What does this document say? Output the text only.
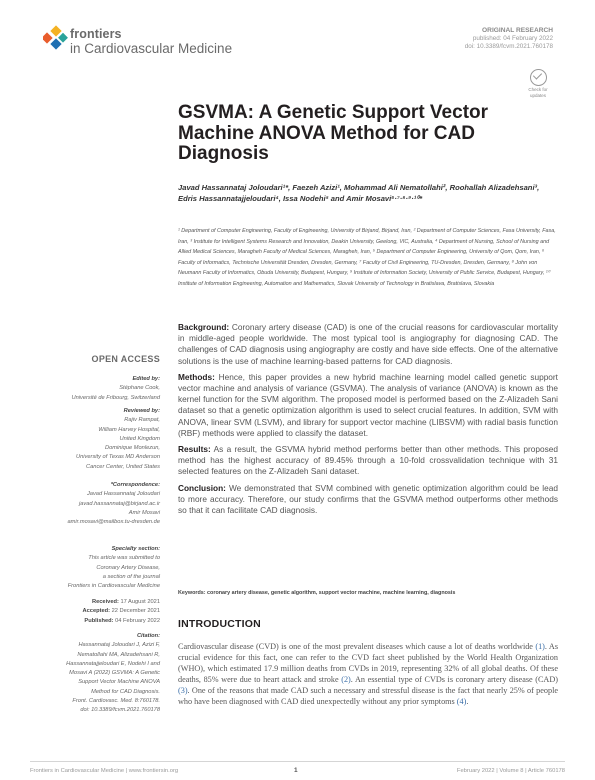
frontiers
in Cardiovascular Medicine
ORIGINAL RESEARCH
published: 04 February 2022
doi: 10.3389/fcvm.2021.760178
Check for
updates
GSVMA: A Genetic Support Vector Machine ANOVA Method for CAD Diagnosis
Javad Hassannataj Joloudari¹*, Faezeh Azizi¹, Mohammad Ali Nematollahi², Roohallah Alizadehsani³, Edris Hassannatajjeloudari⁴, Issa Nodehi⁵ and Amir Mosavi⁶·⁷·⁸·⁹·¹⁰*
¹ Department of Computer Engineering, Faculty of Engineering, University of Birjand, Birjand, Iran, ² Department of Computer Sciences, Fasa University, Fasa, Iran, ³ Institute for Intelligent Systems Research and Innovation, Deakin University, Geelong, VIC, Australia, ⁴ Department of Nursing, School of Nursing and Allied Medical Sciences, Maragheh Faculty of Medical Sciences, Maragheh, Iran, ⁵ Department of Computer Engineering, University of Qom, Qom, Iran, ⁶ Faculty of Informatics, Technische Universität Dresden, Dresden, Germany, ⁷ Faculty of Civil Engineering, TU-Dresden, Dresden, Germany, ⁸ John von Neumann Faculty of Informatics, Obuda University, Budapest, Hungary, ⁹ Institute of Information Society, University of Public Service, Budapest, Hungary, ¹⁰ Institute of Information Engineering, Automation and Mathematics, Slovak University of Technology in Bratislava, Bratislava, Slovakia

Background: Coronary artery disease (CAD) is one of the crucial reasons for cardiovascular mortality in middle-aged people worldwide. The most typical tool is angiography for diagnosing CAD. The challenges of CAD diagnosis using angiography are costly and have side effects. One of the alternative solutions is the use of machine learning-based patterns for CAD diagnosis.

Methods: Hence, this paper provides a new hybrid machine learning model called genetic support vector machine and analysis of variance (GSVMA). The analysis of variance (ANOVA) is known as the kernel function for the SVM algorithm. The proposed model is performed based on the Z-Alizadeh Sani dataset so that a genetic optimization algorithm is used to select crucial features. In addition, SVM with ANOVA, linear SVM (LSVM), and library for support vector machine (LIBSVM) with radial basis function (RBF) methods were applied to classify the dataset.

Results: As a result, the GSVMA hybrid method performs better than other methods. This proposed method has the highest accuracy of 89.45% through a 10-fold crossvalidation technique with 31 selected features on the Z-Alizadeh Sani dataset.

Conclusion: We demonstrated that SVM combined with genetic optimization algorithm could be lead to more accuracy. Therefore, our study confirms that the GSVMA method outperforms other methods so that it can facilitate CAD diagnosis.

Keywords: coronary artery disease, genetic algorithm, support vector machine, machine learning, diagnosis
INTRODUCTION
Cardiovascular disease (CVD) is one of the most prevalent diseases which cause a lot of deaths worldwide (1). As crucial evidence for this fact, one can refer to the CVD fact sheet published by the World Health Organization (WHO), which estimated 17.9 million deaths from CVDs in 2019, representing 32% of all global deaths. Of these deaths, 85% were due to heart attack and stroke (2). An essential type of CVDs is coronary artery disease (CAD) (3). One of the reasons that made CAD such a necessary and stressful disease is the fact that nearly 25% of people who have been diagnosed with CAD died unexpectedly without any prior symptoms (4).
OPEN ACCESS
Edited by:
Stéphane Cook,
Université de Fribourg, Switzerland
Reviewed by:
Rajiv Rampat,
William Harvey Hospital,
United Kingdom
Dominique Monlezun,
University of Texas MD Anderson
Cancer Center, United States
*Correspondence:
Javad Hassannataj Joloudari
javad.hassannataj@birjand.ac.ir
Amir Mosavi
amir.mosavi@mailbox.tu-dresden.de
Specialty section:
This article was submitted to
Coronary Artery Disease,
a section of the journal
Frontiers in Cardiovascular Medicine
Received: 17 August 2021
Accepted: 22 December 2021
Published: 04 February 2022
Citation:
Hassannataj Joloudari J, Azizi F,
Nematollahi MA, Alizadehsani R,
Hassannatajjeloudari E, Nodehi I and
Mosavi A (2022) GSVMA: A Genetic
Support Vector Machine ANOVA
Method for CAD Diagnosis.
Front. Cardiovasc. Med. 8:760178.
doi: 10.3389/fcvm.2021.760178
Frontiers in Cardiovascular Medicine | www.frontiersin.org	1	February 2022 | Volume 8 | Article 760178
